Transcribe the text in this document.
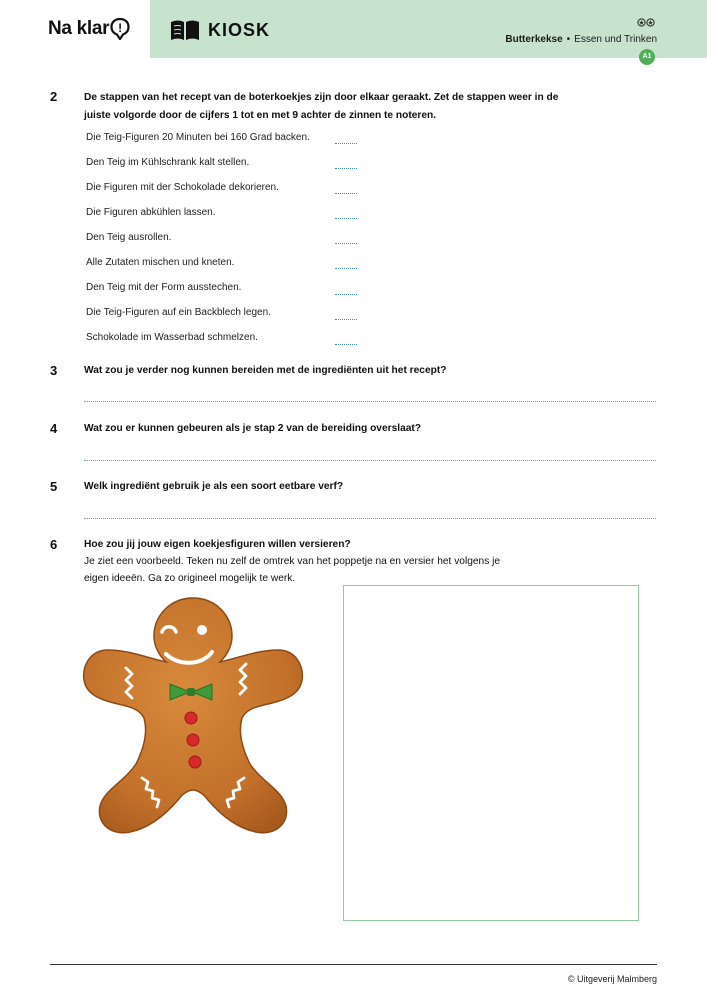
Na klar !	KIOSK	Butterkekse • Essen und Trinken
A1
2	De stappen van het recept van de boterkoekjes zijn door elkaar geraakt. Zet de stappen weer in de
juiste volgorde door de cijfers 1 tot en met 9 achter de zinnen te noteren.
Die Teig-Figuren 20 Minuten bei 160 Grad backen.
Den Teig im Kühlschrank kalt stellen.
Die Figuren mit der Schokolade dekorieren.
Die Figuren abkühlen lassen.
Den Teig ausrollen.
Alle Zutaten mischen und kneten.
Den Teig mit der Form ausstechen.
Die Teig-Figuren auf ein Backblech legen.
Schokolade im Wasserbad schmelzen.
3	Wat zou je verder nog kunnen bereiden met de ingrediënten uit het recept?
4	Wat zou er kunnen gebeuren als je stap 2 van de bereiding overslaat?
5	Welk ingrediënt gebruik je als een soort eetbare verf?
6	Hoe zou jij jouw eigen koekjesfiguren willen versieren?
Je ziet een voorbeeld. Teken nu zelf de omtrek van het poppetje na en versier het volgens je
eigen ideeën. Ga zo origineel mogelijk te werk.
© Uitgeverij Malmberg
